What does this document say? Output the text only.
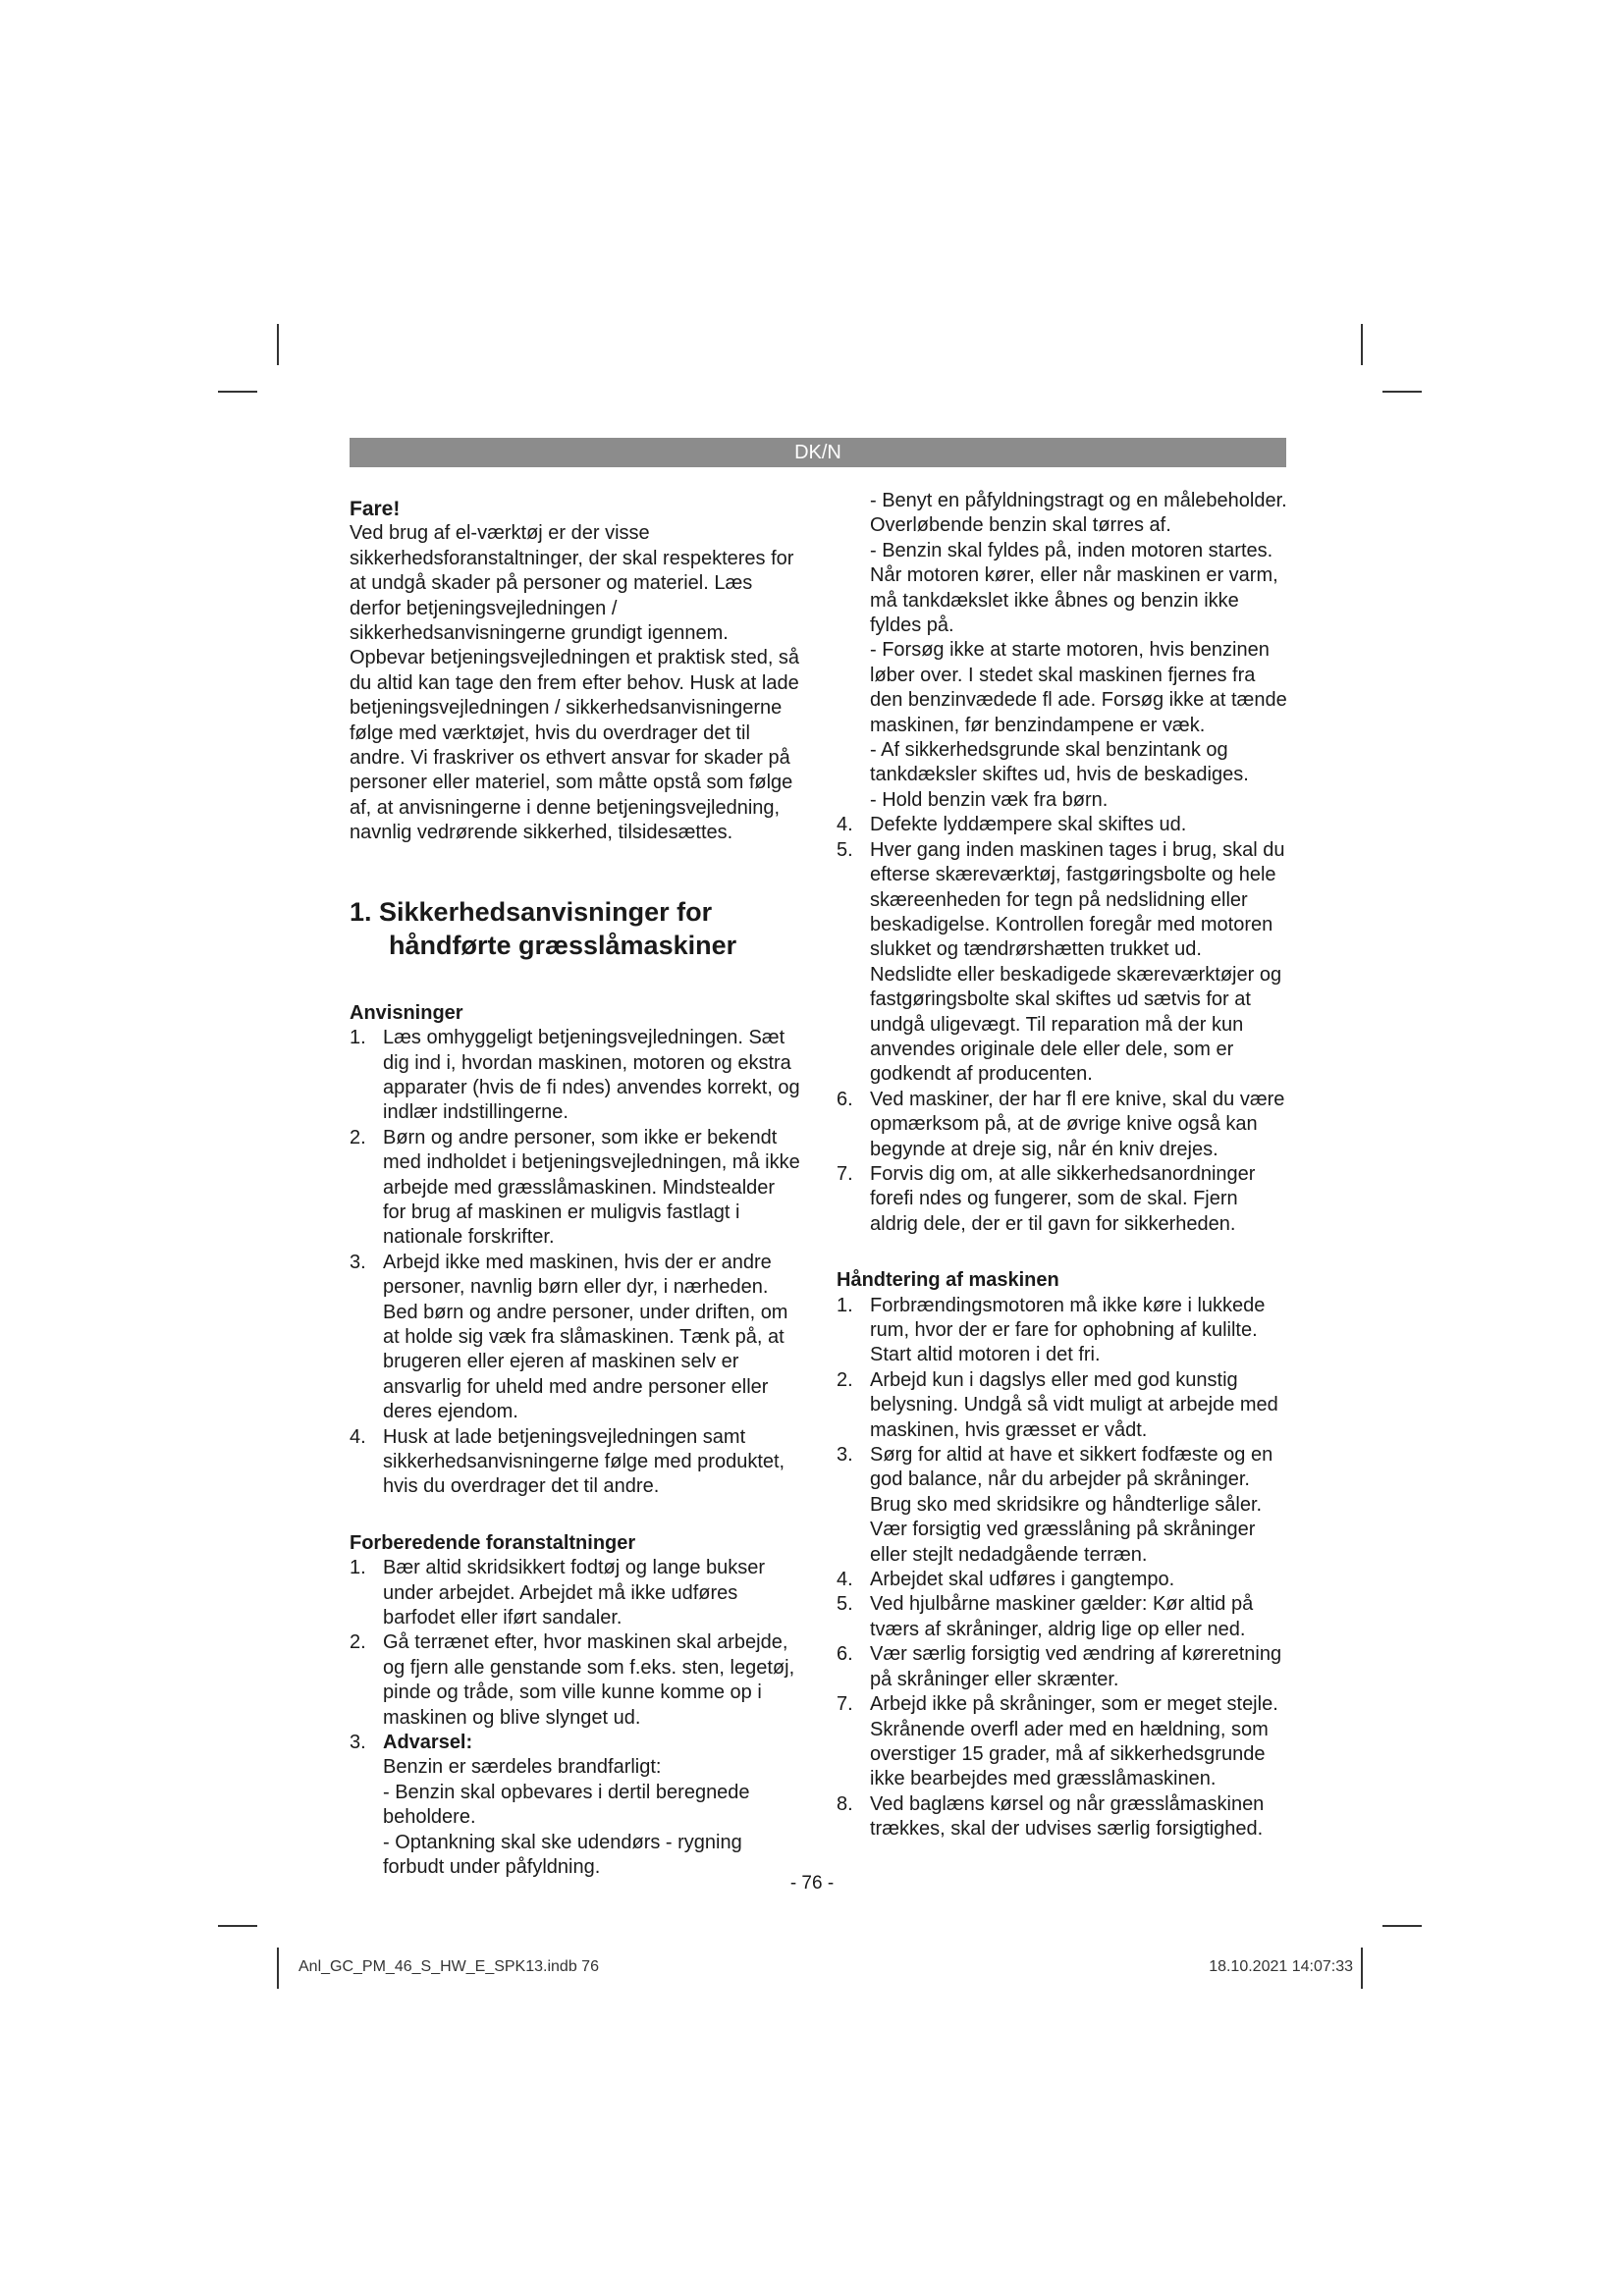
DK/N

Fare!

Ved brug af el-værktøj er der visse sikkerhedsforanstaltninger, der skal respekteres for at undgå skader på personer og materiel. Læs derfor betjeningsvejledningen / sikkerhedsanvisningerne grundigt igennem. Opbevar betjeningsvejledningen et praktisk sted, så du altid kan tage den frem efter behov. Husk at lade betjeningsvejledningen / sikkerhedsanvisningerne følge med værktøjet, hvis du overdrager det til andre. Vi fraskriver os ethvert ansvar for skader på personer eller materiel, som måtte opstå som følge af, at anvisningerne i denne betjeningsvejledning, navnlig vedrørende sikkerhed, tilsidesættes.

1. Sikkerhedsanvisninger for håndførte græsslåmaskiner

Anvisninger

1. Læs omhyggeligt betjeningsvejledningen. Sæt dig ind i, hvordan maskinen, motoren og ekstra apparater (hvis de fi ndes) anvendes korrekt, og indlær indstillingerne.
2. Børn og andre personer, som ikke er bekendt med indholdet i betjeningsvejledningen, må ikke arbejde med græsslåmaskinen. Mindstealder for brug af maskinen er muligvis fastlagt i nationale forskrifter.
3. Arbejd ikke med maskinen, hvis der er andre personer, navnlig børn eller dyr, i nærheden. Bed børn og andre personer, under driften, om at holde sig væk fra slåmaskinen. Tænk på, at brugeren eller ejeren af maskinen selv er ansvarlig for uheld med andre personer eller deres ejendom.
4. Husk at lade betjeningsvejledningen samt sikkerhedsanvisningerne følge med produktet, hvis du overdrager det til andre.

Forberedende foranstaltninger

1. Bær altid skridsikkert fodtøj og lange bukser under arbejdet. Arbejdet må ikke udføres barfodet eller iført sandaler.
2. Gå terrænet efter, hvor maskinen skal arbejde, og fjern alle genstande som f.eks. sten, legetøj, pinde og tråde, som ville kunne komme op i maskinen og blive slynget ud.
3. Advarsel:
Benzin er særdeles brandfarligt:
- Benzin skal opbevares i dertil beregnede beholdere.
- Optankning skal ske udendørs - rygning forbudt under påfyldning.
- Benyt en påfyldningstragt og en målebeholder. Overløbende benzin skal tørres af.
- Benzin skal fyldes på, inden motoren startes. Når motoren kører, eller når maskinen er varm, må tankdækslet ikke åbnes og benzin ikke fyldes på.
- Forsøg ikke at starte motoren, hvis benzinen løber over. I stedet skal maskinen fjernes fra den benzinvædede fl ade. Forsøg ikke at tænde maskinen, før benzindampene er væk.
- Af sikkerhedsgrunde skal benzintank og tankdæksler skiftes ud, hvis de beskadiges.
- Hold benzin væk fra børn.
4. Defekte lyddæmpere skal skiftes ud.
5. Hver gang inden maskinen tages i brug, skal du efterse skæreværktøj, fastgøringsbolte og hele skæreenheden for tegn på nedslidning eller beskadigelse. Kontrollen foregår med motoren slukket og tændrørshætten trukket ud. Nedslidte eller beskadigede skæreværktøjer og fastgøringsbolte skal skiftes ud sætvis for at undgå uligevægt. Til reparation må der kun anvendes originale dele eller dele, som er godkendt af producenten.
6. Ved maskiner, der har fl ere knive, skal du være opmærksom på, at de øvrige knive også kan begynde at dreje sig, når én kniv drejes.
7. Forvis dig om, at alle sikkerhedsanordninger forefi ndes og fungerer, som de skal. Fjern aldrig dele, der er til gavn for sikkerheden.

Håndtering af maskinen

1. Forbrændingsmotoren må ikke køre i lukkede rum, hvor der er fare for ophobning af kulilte. Start altid motoren i det fri.
2. Arbejd kun i dagslys eller med god kunstig belysning. Undgå så vidt muligt at arbejde med maskinen, hvis græsset er vådt.
3. Sørg for altid at have et sikkert fodfæste og en god balance, når du arbejder på skråninger. Brug sko med skridsikre og håndterlige såler. Vær forsigtig ved græsslåning på skråninger eller stejlt nedadgående terræn.
4. Arbejdet skal udføres i gangtempo.
5. Ved hjulbårne maskiner gælder: Kør altid på tværs af skråninger, aldrig lige op eller ned.
6. Vær særlig forsigtig ved ændring af køreretning på skråninger eller skrænter.
7. Arbejd ikke på skråninger, som er meget stejle. Skrånende overfl ader med en hældning, som overstiger 15 grader, må af sikkerhedsgrunde ikke bearbejdes med græsslåmaskinen.
8. Ved baglæns kørsel og når græsslåmaskinen trækkes, skal der udvises særlig forsigtighed.
- 76 -
Anl_GC_PM_46_S_HW_E_SPK13.indb 76	18.10.2021 14:07:33
